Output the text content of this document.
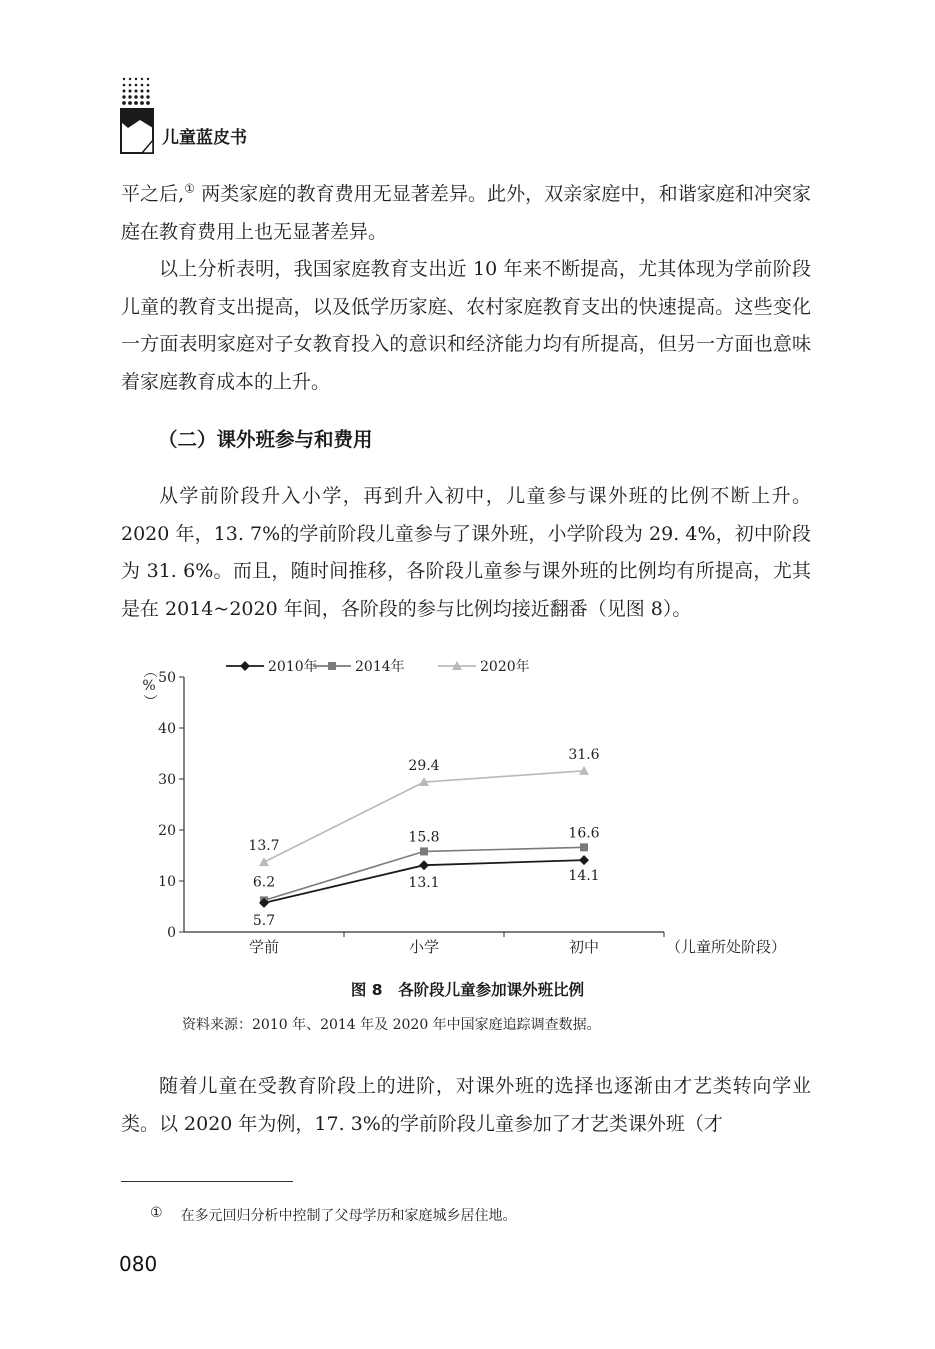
儿童蓝皮书

平之后,① 两类家庭的教育费用无显著差异。此外，双亲家庭中，和谐家庭和冲突家庭在教育费用上也无显著差异。

以上分析表明，我国家庭教育支出近 10 年来不断提高，尤其体现为学前阶段儿童的教育支出提高，以及低学历家庭、农村家庭教育支出的快速提高。这些变化一方面表明家庭对子女教育投入的意识和经济能力均有所提高，但另一方面也意味着家庭教育成本的上升。

（二）课外班参与和费用

从学前阶段升入小学，再到升入初中，儿童参与课外班的比例不断上升。2020 年，13. 7%的学前阶段儿童参与了课外班，小学阶段为 29. 4%，初中阶段为 31. 6%。而且，随时间推移，各阶段儿童参与课外班的比例均有所提高，尤其是在 2014~2020 年间，各阶段的参与比例均接近翻番（见图 8）。

0
10
20
30
40
50
学前	小学	初中	（儿童所处阶段）
（
%
）
13.7
29.4
31.6
6.2
15.8	16.6
5.7
13.1	14.1
2010年	2014年	2020年
图 8　各阶段儿童参加课外班比例
资料来源：2010 年、2014 年及 2020 年中国家庭追踪调查数据。

随着儿童在受教育阶段上的进阶，对课外班的选择也逐渐由才艺类转向学业类。以 2020 年为例，17. 3%的学前阶段儿童参加了才艺类课外班（才

① 在多元回归分析中控制了父母学历和家庭城乡居住地。
080
